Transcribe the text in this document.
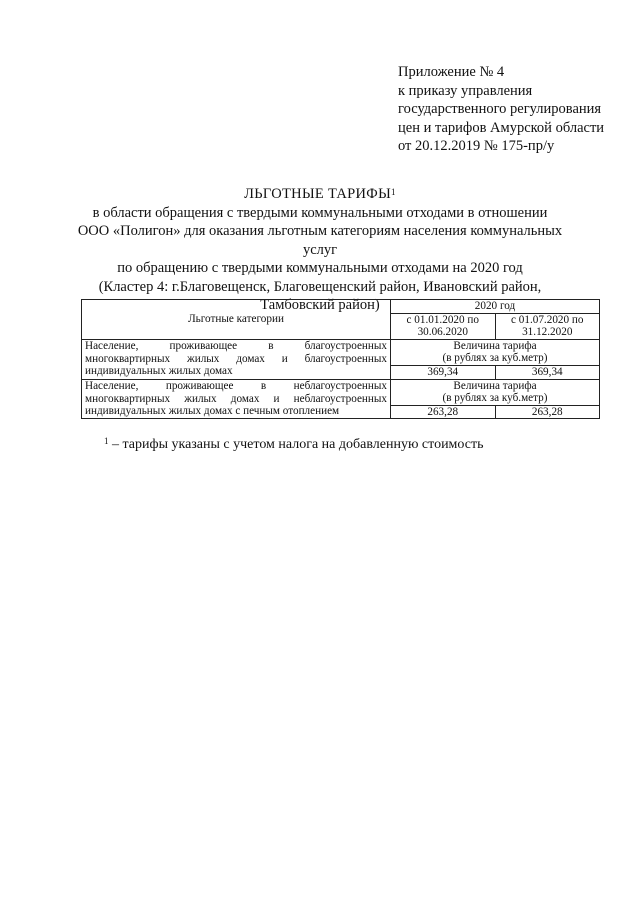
Приложение № 4
к приказу управления
государственного регулирования
цен и тарифов Амурской области
от 20.12.2019 № 175-пр/у
ЛЬГОТНЫЕ ТАРИФЫ$^1$
в области обращения с твердыми коммунальными отходами в отношении
ООО «Полигон» для оказания льготным категориям населения коммунальных услуг
по обращению с твердыми коммунальными отходами на 2020 год
(Кластер 4: г.Благовещенск, Благовещенский район, Ивановский район, Тамбовский район)
Льготные категории	2020 год	
	с 01.01.2020 по 30.06.2020	с 01.07.2020 по 31.12.2020
Население, проживающее в благоустроенных многоквартирных жилых домах и благоустроенных индивидуальных жилых домах	Величина тарифа
(в рублях за куб.метр)	

	369,34	369,34
Население, проживающее в неблагоустроенных многоквартирных жилых домах и неблагоустроенных индивидуальных жилых домах с печным отоплением	Величина тарифа
(в рублях за куб.метр)	

	263,28	263,28
$^1$ – тарифы указаны с учетом налога на добавленную стоимость
